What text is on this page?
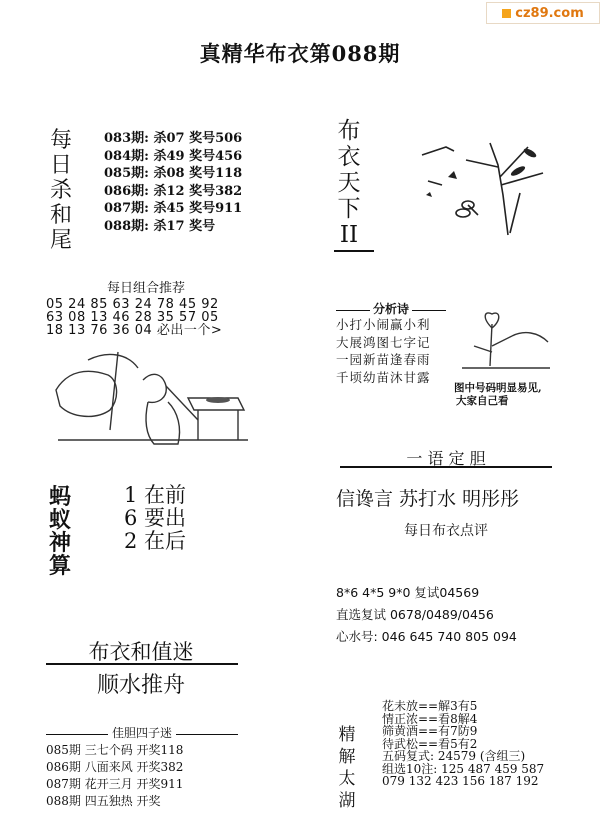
cz89.com
真精华布衣第088期
每
日
杀
和
尾
083期: 杀07 奖号506
084期: 杀49 奖号456
085期: 杀08 奖号118
086期: 杀12 奖号382
087期: 杀45 奖号911
088期: 杀17 奖号
布
衣
天
下
II
每日组合推荐
05 24 85 63 24 78 45 92
63 08 13 46 28 35 57 05
18 13 76 36 04 必出一个>
分析诗
小打小闹赢小利
大展鸿图七字记
一园新苗逢春雨
千顷幼苗沐甘露
图中号码明显易见,
大家自己看
一 语 定 胆
信谗言 苏打水 明彤彤
每日布衣点评
蚂
蚁
神
算
1 在前
6 要出
2 在后
8*6 4*5 9*0 复试04569
直选复试 0678/0489/0456
心水号: 046 645 740 805 094
布衣和值迷
顺水推舟
佳胆四子迷
085期 三七个码 开奖118
086期 八面来风 开奖382
087期 花开三月 开奖911
088期 四五独热 开奖
精
解
太
湖
花未放==解3有5
情正浓==看8解4
筛黄酒==有7防9
待武松==看5有2
五码复式: 24579 (含组三)
组选10注: 125 487 459 587
079 132 423 156 187 192
